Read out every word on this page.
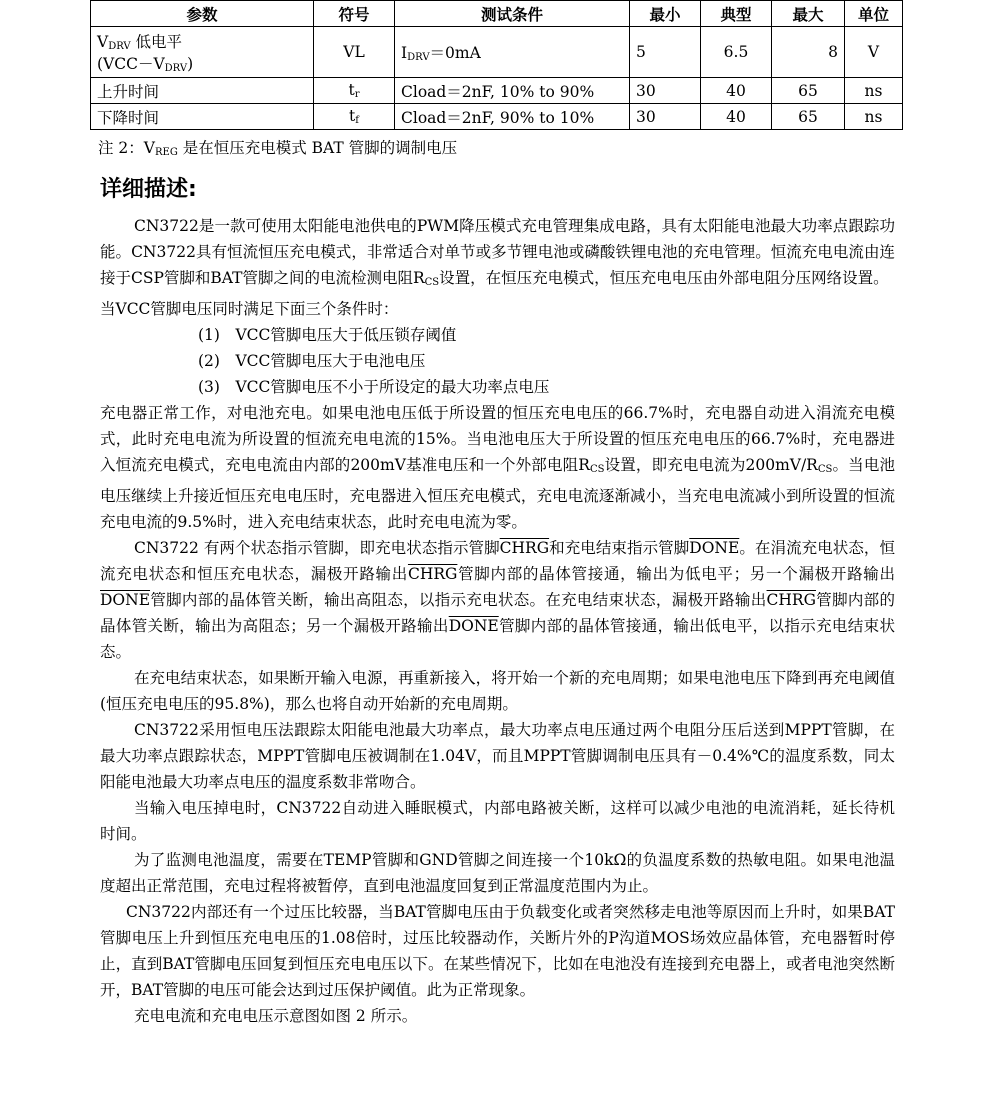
参数	符号	测试条件	最小	典型	最大	单位

$V_{DRV}$ 低电平
$(VCC-V_{DRV})$	VL	$I_{DRV}=0mA$	5	6.5	8	V
上升时间	$t_r$	Cload＝2nF, 10% to 90%	30	40	65	ns
下降时间	$t_f$	Cload＝2nF, 90% to 10%	30	40	65	ns
注 2：$V_{REG}$ 是在恒压充电模式 BAT 管脚的调制电压
详细描述:

CN3722是一款可使用太阳能电池供电的PWM降压模式充电管理集成电路，具有太阳能电池最大功率点跟踪功能。CN3722具有恒流恒压充电模式，非常适合对单节或多节锂电池或磷酸铁锂电池的充电管理。恒流充电电流由连接于CSP管脚和BAT管脚之间的电流检测电阻$R_{CS}$设置，在恒压充电模式，恒压充电电压由外部电阻分压网络设置。

当VCC管脚电压同时满足下面三个条件时：

(1)　VCC管脚电压大于低压锁存阈值

(2)　VCC管脚电压大于电池电压

(3)　VCC管脚电压不小于所设定的最大功率点电压

充电器正常工作，对电池充电。如果电池电压低于所设置的恒压充电电压的66.7%时，充电器自动进入涓流充电模式，此时充电电流为所设置的恒流充电电流的15%。当电池电压大于所设置的恒压充电电压的66.7%时，充电器进入恒流充电模式，充电电流由内部的200mV基准电压和一个外部电阻$R_{CS}$设置，即充电电流为$200mV/R_{CS}$。当电池电压继续上升接近恒压充电电压时，充电器进入恒压充电模式，充电电流逐渐减小，当充电电流减小到所设置的恒流充电电流的9.5%时，进入充电结束状态，此时充电电流为零。

CN3722 有两个状态指示管脚，即充电状态指示管脚CHRG和充电结束指示管脚DONE。在涓流充电状态，恒流充电状态和恒压充电状态，漏极开路输出CHRG管脚内部的晶体管接通，输出为低电平；另一个漏极开路输出DONE管脚内部的晶体管关断，输出高阻态，以指示充电状态。在充电结束状态，漏极开路输出CHRG管脚内部的晶体管关断，输出为高阻态；另一个漏极开路输出DONE管脚内部的晶体管接通，输出低电平，以指示充电结束状态。

在充电结束状态，如果断开输入电源，再重新接入，将开始一个新的充电周期；如果电池电压下降到再充电阈值(恒压充电电压的95.8%)，那么也将自动开始新的充电周期。

CN3722采用恒电压法跟踪太阳能电池最大功率点，最大功率点电压通过两个电阻分压后送到MPPT管脚，在最大功率点跟踪状态，MPPT管脚电压被调制在1.04V，而且MPPT管脚调制电压具有－0.4%℃的温度系数，同太阳能电池最大功率点电压的温度系数非常吻合。

当输入电压掉电时，CN3722自动进入睡眠模式，内部电路被关断，这样可以减少电池的电流消耗，延长待机时间。

为了监测电池温度，需要在TEMP管脚和GND管脚之间连接一个10kΩ的负温度系数的热敏电阻。如果电池温度超出正常范围，充电过程将被暂停，直到电池温度回复到正常温度范围内为止。

CN3722内部还有一个过压比较器，当BAT管脚电压由于负载变化或者突然移走电池等原因而上升时，如果BAT管脚电压上升到恒压充电电压的1.08倍时，过压比较器动作，关断片外的P沟道MOS场效应晶体管，充电器暂时停止，直到BAT管脚电压回复到恒压充电电压以下。在某些情况下，比如在电池没有连接到充电器上，或者电池突然断开，BAT管脚的电压可能会达到过压保护阈值。此为正常现象。

充电电流和充电电压示意图如图 2 所示。
